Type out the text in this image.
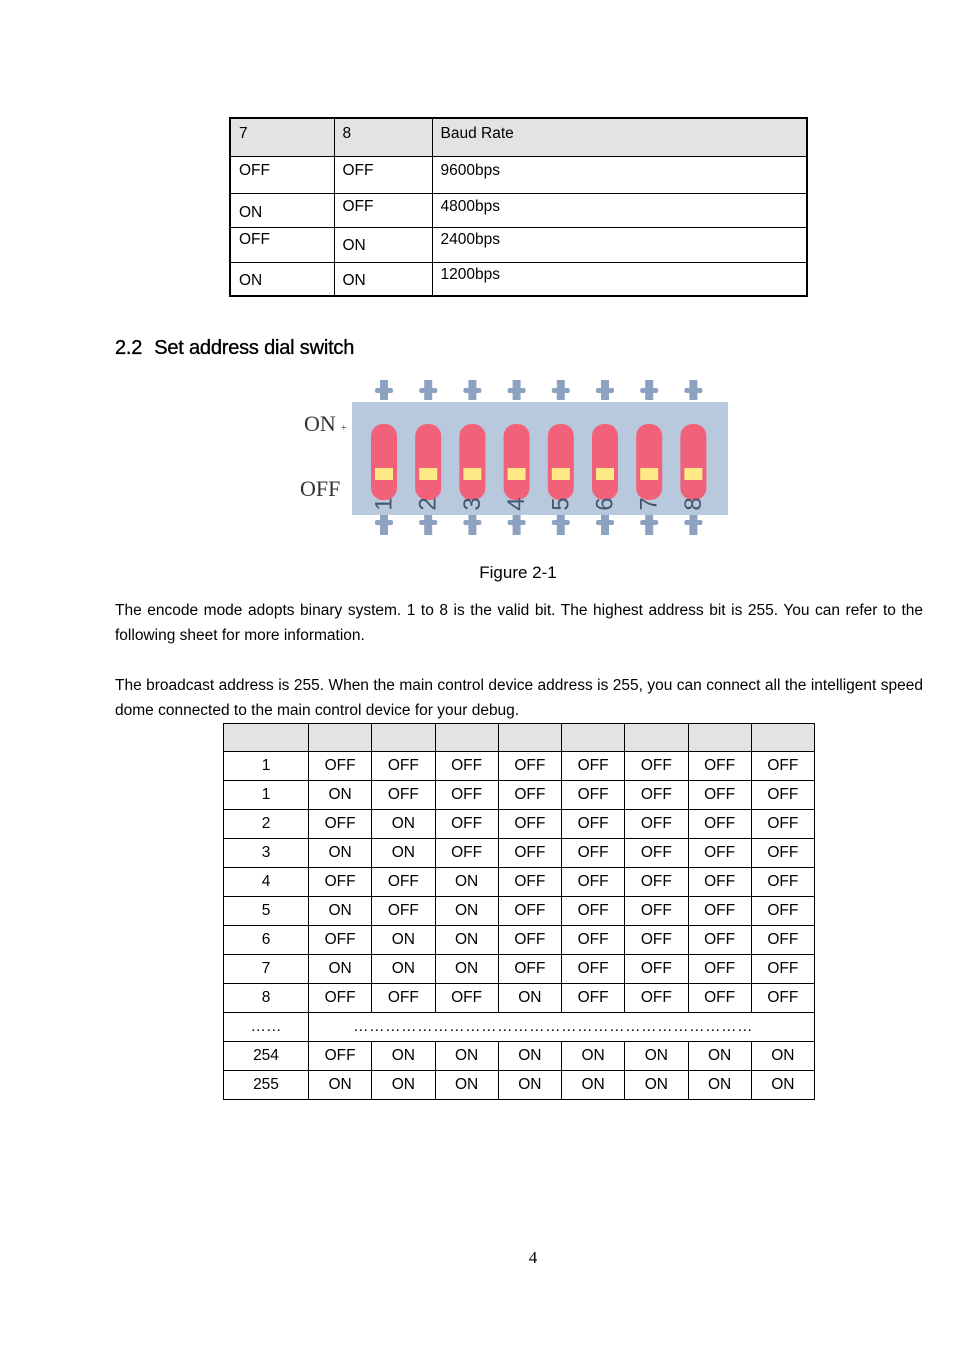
7	8	Baud Rate
OFF	OFF	9600bps
ON	OFF	4800bps
OFF	ON	2400bps
ON	ON	1200bps
2.2 Set address dial switch
ON +
OFF
1 2 3 4 5 6 7 8
Figure 2-1

The encode mode adopts binary system. 1 to 8 is the valid bit. The highest address bit is 255. You can refer to the following sheet for more information.

The broadcast address is 255. When the main control device address is 255, you can connect all the intelligent speed dome connected to the main control device for your debug.

1	OFF	OFF	OFF	OFF	OFF	OFF	OFF	OFF
1	ON	OFF	OFF	OFF	OFF	OFF	OFF	OFF
2	OFF	ON	OFF	OFF	OFF	OFF	OFF	OFF
3	ON	ON	OFF	OFF	OFF	OFF	OFF	OFF
4	OFF	OFF	ON	OFF	OFF	OFF	OFF	OFF
5	ON	OFF	ON	OFF	OFF	OFF	OFF	OFF
6	OFF	ON	ON	OFF	OFF	OFF	OFF	OFF
7	ON	ON	ON	OFF	OFF	OFF	OFF	OFF
8	OFF	OFF	OFF	ON	OFF	OFF	OFF	OFF
……	…………………………………………………………………							
254	OFF	ON	ON	ON	ON	ON	ON	ON
255	ON	ON	ON	ON	ON	ON	ON	ON
4
